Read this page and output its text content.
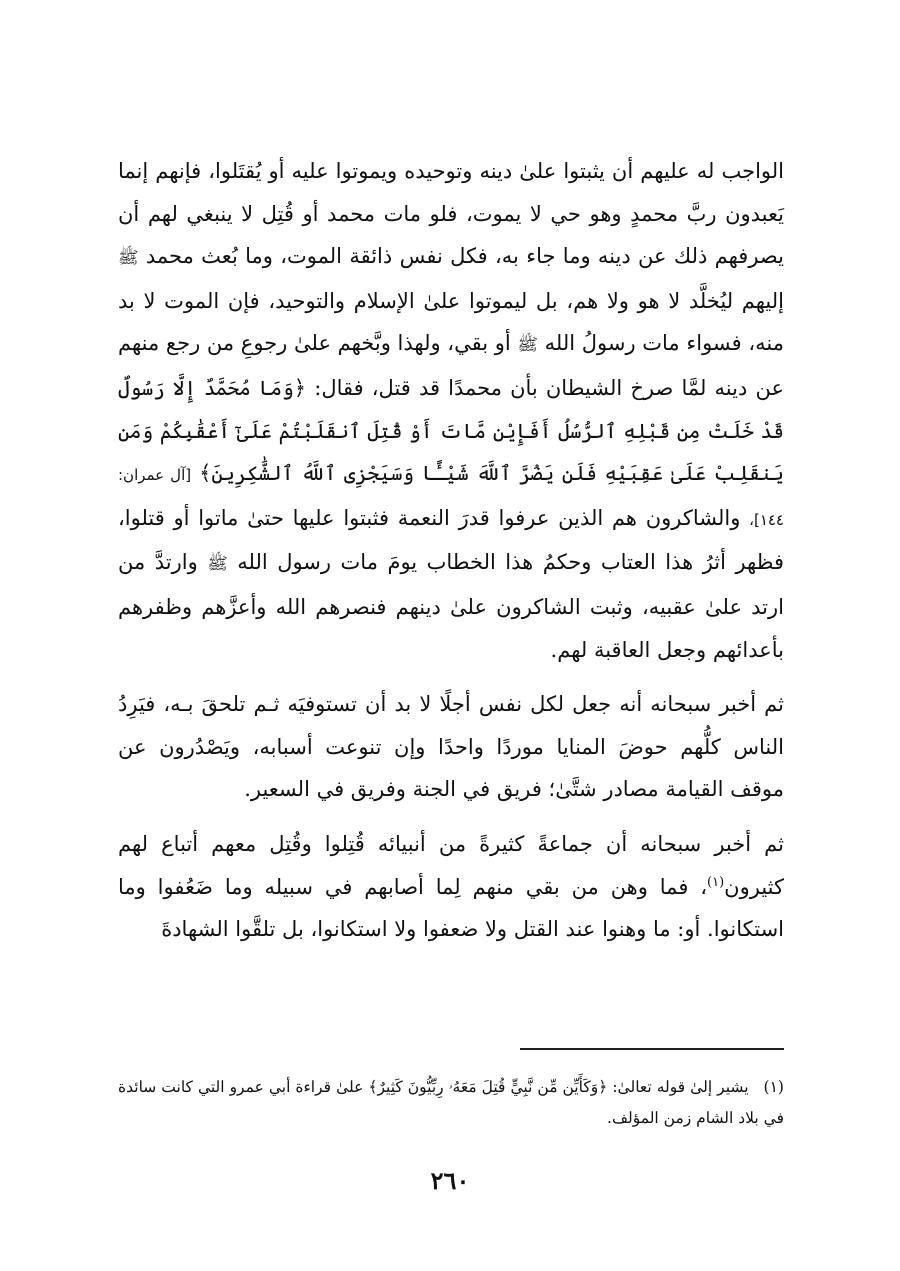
الواجب له عليهم أن يثبتوا علىٰ دينه وتوحيده ويموتوا عليه أو يُقتَلوا، فإنهم إنما يَعبدون ربَّ محمدٍ وهو حي لا يموت، فلو مات محمد أو قُتِل لا ينبغي لهم أن يصرفهم ذلك عن دينه وما جاء به، فكل نفس ذائقة الموت، وما بُعث محمد ﷺ إليهم ليُخلَّد لا هو ولا هم، بل ليموتوا علىٰ الإسلام والتوحيد، فإن الموت لا بد منه، فسواء مات رسولُ الله ﷺ أو بقي، ولهذا وبَّخهم علىٰ رجوعِ من رجع منهم عن دينه لمَّا صرخ الشيطان بأن محمدًا قد قتل، فقال: ﴿وَمَا مُحَمَّدٌ إِلَّا رَسُولٌ قَدْ خَلَتْ مِن قَبْلِهِ ٱلرُّسُلُ أَفَإِيْن مَّاتَ أَوْ قُتِلَ ٱنقَلَبْتُمْ عَلَىٰٓ أَعْقَٰبِكُمْ وَمَن يَنقَلِبْ عَلَىٰ عَقِبَيْهِ فَلَن يَضُرَّ ٱللَّهَ شَيْـًٔا وَسَيَجْزِى ٱللَّهُ ٱلشَّٰكِرِينَ﴾ [آل عمران: ١٤٤]، والشاكرون هم الذين عرفوا قدرَ النعمة فثبتوا عليها حتىٰ ماتوا أو قتلوا، فظهر أثرُ هذا العتاب وحكمُ هذا الخطاب يومَ مات رسول الله ﷺ وارتدَّ من ارتد علىٰ عقبيه، وثبت الشاكرون علىٰ دينهم فنصرهم الله وأعزَّهم وظفرهم بأعدائهم وجعل العاقبة لهم.

ثم أخبر سبحانه أنه جعل لكل نفس أجلًا لا بد أن تستوفيَه ثـم تلحقَ بـه، فيَرِدُ الناس كلُّهم حوضَ المنايا موردًا واحدًا وإن تنوعت أسبابه، ويَصْدُرون عن موقف القيامة مصادر شتَّىٰ؛ فريق في الجنة وفريق في السعير.

ثم أخبر سبحانه أن جماعةً كثيرةً من أنبيائه قُتِلوا وقُتِل معهم أتباع لهم كثيرون$^{(١)}$، فما وهن من بقي منهم لِما أصابهم في سبيله وما ضَعُفوا وما استكانوا. أو: ما وهنوا عند القتل ولا ضعفوا ولا استكانوا، بل تلقَّوا الشهادةَ

(١) يشير إلىٰ قوله تعالىٰ: ﴿وَكَأَيِّن مِّن نَّبِيٍّ قُتِلَ مَعَهُۥ رِبِّيُّونَ كَثِيرٌ﴾ علىٰ قراءة أبي عمرو التي كانت سائدة في بلاد الشام زمن المؤلف.
٢٦٠
